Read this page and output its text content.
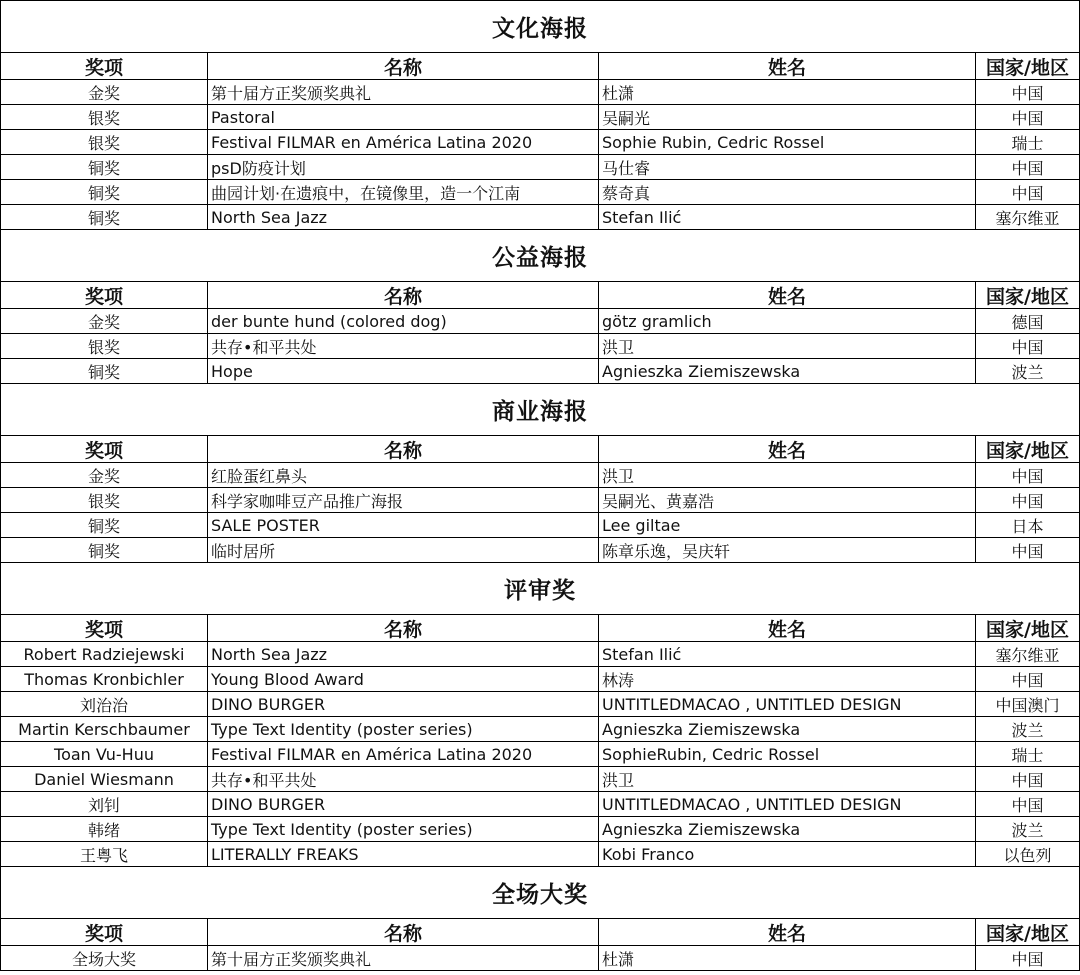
文化海报
奖项	名称	姓名	国家/地区
金奖	第十届方正奖颁奖典礼	杜潇	中国
银奖	Pastoral	吴嗣光	中国
银奖	Festival FILMAR en América Latina 2020	Sophie Rubin, Cedric Rossel	瑞士
铜奖	psD防疫计划	马仕睿	中国
铜奖	曲园计划·在遗痕中，在镜像里，造一个江南	蔡奇真	中国
铜奖	North Sea Jazz	Stefan Ilić	塞尔维亚
公益海报
奖项	名称	姓名	国家/地区
金奖	der bunte hund (colored dog)	götz gramlich	德国
银奖	共存•和平共处	洪卫	中国
铜奖	Hope	Agnieszka Ziemiszewska	波兰
商业海报
奖项	名称	姓名	国家/地区
金奖	红脸蛋红鼻头	洪卫	中国
银奖	科学家咖啡豆产品推广海报	吴嗣光、黄嘉浩	中国
铜奖	SALE POSTER	Lee giltae	日本
铜奖	临时居所	陈章乐逸，吴庆轩	中国
评审奖
奖项	名称	姓名	国家/地区
Robert Radziejewski	North Sea Jazz	Stefan Ilić	塞尔维亚
Thomas Kronbichler	Young Blood Award	林涛	中国
刘治治	DINO BURGER	UNTITLEDMACAO , UNTITLED DESIGN	中国澳门
Martin Kerschbaumer	Type Text Identity (poster series)	Agnieszka Ziemiszewska	波兰
Toan Vu-Huu	Festival FILMAR en América Latina 2020	SophieRubin, Cedric Rossel	瑞士
Daniel Wiesmann	共存•和平共处	洪卫	中国
刘钊	DINO BURGER	UNTITLEDMACAO , UNTITLED DESIGN	中国
韩绪	Type Text Identity (poster series)	Agnieszka Ziemiszewska	波兰
王粤飞	LITERALLY FREAKS	Kobi Franco	以色列
全场大奖
奖项	名称	姓名	国家/地区
全场大奖	第十届方正奖颁奖典礼	杜潇	中国
